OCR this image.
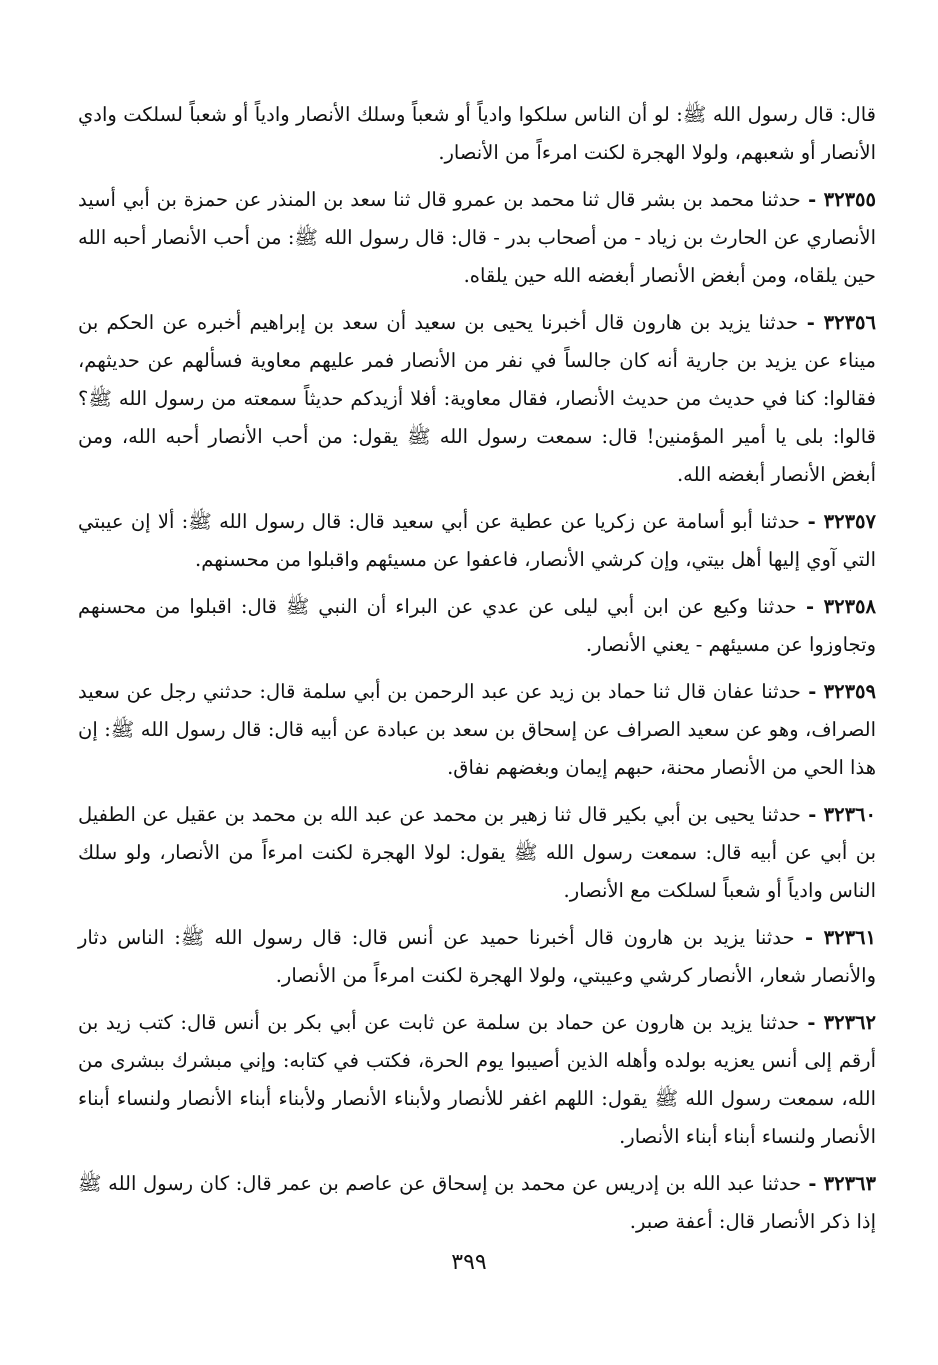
قال: قال رسول الله ﷺ: لو أن الناس سلكوا وادياً أو شعباً وسلك الأنصار وادياً أو شعباً لسلكت وادي الأنصار أو شعبهم، ولولا الهجرة لكنت امرءاً من الأنصار.

٣٢٣٥٥ - حدثنا محمد بن بشر قال ثنا محمد بن عمرو قال ثنا سعد بن المنذر عن حمزة بن أبي أسيد الأنصاري عن الحارث بن زياد - من أصحاب بدر - قال: قال رسول الله ﷺ: من أحب الأنصار أحبه الله حين يلقاه، ومن أبغض الأنصار أبغضه الله حين يلقاه.

٣٢٣٥٦ - حدثنا يزيد بن هارون قال أخبرنا يحيى بن سعيد أن سعد بن إبراهيم أخبره عن الحكم بن ميناء عن يزيد بن جارية أنه كان جالساً في نفر من الأنصار فمر عليهم معاوية فسألهم عن حديثهم، فقالوا: كنا في حديث من حديث الأنصار، فقال معاوية: أفلا أزيدكم حديثاً سمعته من رسول الله ﷺ؟ قالوا: بلى يا أمير المؤمنين! قال: سمعت رسول الله ﷺ يقول: من أحب الأنصار أحبه الله، ومن أبغض الأنصار أبغضه الله.

٣٢٣٥٧ - حدثنا أبو أسامة عن زكريا عن عطية عن أبي سعيد قال: قال رسول الله ﷺ: ألا إن عيبتي التي آوي إليها أهل بيتي، وإن كرشي الأنصار، فاعفوا عن مسيئهم واقبلوا من محسنهم.

٣٢٣٥٨ - حدثنا وكيع عن ابن أبي ليلى عن عدي عن البراء أن النبي ﷺ قال: اقبلوا من محسنهم وتجاوزوا عن مسيئهم - يعني الأنصار.

٣٢٣٥٩ - حدثنا عفان قال ثنا حماد بن زيد عن عبد الرحمن بن أبي سلمة قال: حدثني رجل عن سعيد الصراف، وهو عن سعيد الصراف عن إسحاق بن سعد بن عبادة عن أبيه قال: قال رسول الله ﷺ: إن هذا الحي من الأنصار محنة، حبهم إيمان وبغضهم نفاق.

٣٢٣٦٠ - حدثنا يحيى بن أبي بكير قال ثنا زهير بن محمد عن عبد الله بن محمد بن عقيل عن الطفيل بن أبي عن أبيه قال: سمعت رسول الله ﷺ يقول: لولا الهجرة لكنت امرءاً من الأنصار، ولو سلك الناس وادياً أو شعباً لسلكت مع الأنصار.

٣٢٣٦١ - حدثنا يزيد بن هارون قال أخبرنا حميد عن أنس قال: قال رسول الله ﷺ: الناس دثار والأنصار شعار، الأنصار كرشي وعيبتي، ولولا الهجرة لكنت امرءاً من الأنصار.

٣٢٣٦٢ - حدثنا يزيد بن هارون عن حماد بن سلمة عن ثابت عن أبي بكر بن أنس قال: كتب زيد بن أرقم إلى أنس يعزيه بولده وأهله الذين أصيبوا يوم الحرة، فكتب في كتابه: وإني مبشرك ببشرى من الله، سمعت رسول الله ﷺ يقول: اللهم اغفر للأنصار ولأبناء الأنصار ولأبناء أبناء الأنصار ولنساء أبناء الأنصار ولنساء أبناء أبناء الأنصار.

٣٢٣٦٣ - حدثنا عبد الله بن إدريس عن محمد بن إسحاق عن عاصم بن عمر قال: كان رسول الله ﷺ إذا ذكر الأنصار قال: أعفة صبر.

٣٩٩
